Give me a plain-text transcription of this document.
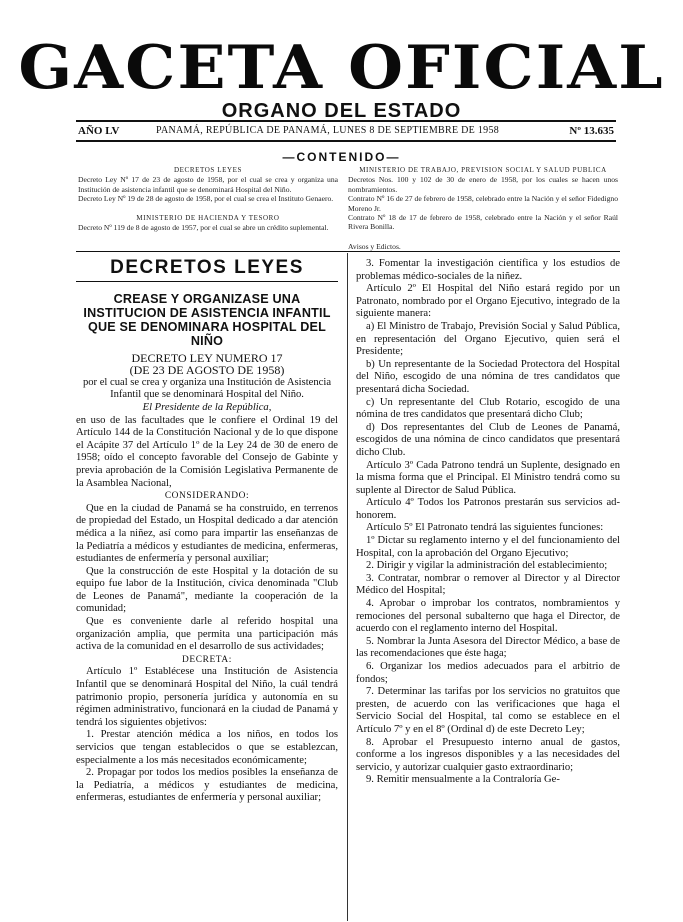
GACETA OFICIAL
ORGANO DEL ESTADO
AÑO LV	PANAMÁ, REPÚBLICA DE PANAMÁ, LUNES 8 DE SEPTIEMBRE DE 1958	Nº 13.635
—CONTENIDO—

DECRETOS LEYES

Decreto Ley Nº 17 de 23 de agosto de 1958, por el cual se crea y organiza una Institución de asistencia infantil que se denominará Hospital del Niño.

Decreto Ley Nº 19 de 28 de agosto de 1958, por el cual se crea el Instituto Genaero.

MINISTERIO DE HACIENDA Y TESORO

Decreto Nº 119 de 8 de agosto de 1957, por el cual se abre un crédito suplemental.

MINISTERIO DE TRABAJO, PREVISION SOCIAL Y SALUD PUBLICA

Decretos Nos. 100 y 102 de 30 de enero de 1958, por los cuales se hacen unos nombramientos.

Contrato Nº 16 de 27 de febrero de 1958, celebrado entre la Nación y el señor Fidedigno Moreno Jr.

Contrato Nº 18 de 17 de febrero de 1958, celebrado entre la Nación y el señor Raúl Rivera Bonilla.

Avisos y Edictos.

DECRETOS LEYES
CREASE Y ORGANIZASE UNA INSTITUCION DE ASISTENCIA INFANTIL QUE SE DENOMINARA HOSPITAL DEL NIÑO

DECRETO LEY NUMERO 17

(DE 23 DE AGOSTO DE 1958)

por el cual se crea y organiza una Institución de Asistencia Infantil que se denominará Hospital del Niño.

El Presidente de la República,

en uso de las facultades que le confiere el Ordinal 19 del Artículo 144 de la Constitución Nacional y de lo que dispone el Acápite 37 del Artículo 1º de la Ley 24 de 30 de enero de 1958; oído el concepto favorable del Consejo de Gabinte y previa aprobación de la Comisión Legislativa Permanente de la Asamblea Nacional,

CONSIDERANDO:

Que en la ciudad de Panamá se ha construido, en terrenos de propiedad del Estado, un Hospital dedicado a dar atención médica a la niñez, así como para impartir las enseñanzas de la Pediatría a médicos y estudiantes de medicina, enfermeras, estudiantes de enfermería y personal auxiliar;

Que la construcción de este Hospital y la dotación de su equipo fue labor de la Institución, cívica denominada "Club de Leones de Panamá", mediante la cooperación de la comunidad;

Que es conveniente darle al referido hospital una organización amplia, que permita una participación más activa de la comunidad en el desarrollo de sus actividades;

DECRETA:

Artículo 1º Establécese una Institución de Asistencia Infantil que se denominará Hospital del Niño, la cuál tendrá patrimonio propio, personería jurídica y autonomía en su régimen administrativo, funcionará en la ciudad de Panamá y tendrá los siguientes objetivos:

1. Prestar atención médica a los niños, en todos los servicios que tengan establecidos o que se establezcan, especialmente a los más necesitados económicamente;

2. Propagar por todos los medios posibles la enseñanza de la Pediatría, a médicos y estudiantes de medicina, enfermeras, estudiantes de enfermería y personal auxiliar;

3. Fomentar la investigación científica y los estudios de problemas médico-sociales de la niñez.

Artículo 2º El Hospital del Niño estará regido por un Patronato, nombrado por el Organo Ejecutivo, integrado de la siguiente manera:

a) El Ministro de Trabajo, Previsión Social y Salud Pública, en representación del Organo Ejecutivo, quien será el Presidente;

b) Un representante de la Sociedad Protectora del Hospital del Niño, escogido de una nómina de tres candidatos que presentará dicha Sociedad.

c) Un representante del Club Rotario, escogido de una nómina de tres candidatos que presentará dicho Club;

d) Dos representantes del Club de Leones de Panamá, escogidos de una nómina de cinco candidatos que presentará dicho Club.

Artículo 3º Cada Patrono tendrá un Suplente, designado en la misma forma que el Principal. El Ministro tendrá como su suplente al Director de Salud Pública.

Artículo 4º Todos los Patronos prestarán sus servicios ad-honorem.

Artículo 5º El Patronato tendrá las siguientes funciones:

1º Dictar su reglamento interno y el del funcionamiento del Hospital, con la aprobación del Organo Ejecutivo;

2. Dirigir y vigilar la administración del establecimiento;

3. Contratar, nombrar o remover al Director y al Director Médico del Hospital;

4. Aprobar o improbar los contratos, nombramientos y remociones del personal subalterno que haga el Director, de acuerdo con el reglamento interno del Hospital.

5. Nombrar la Junta Asesora del Director Médico, a base de las recomendaciones que éste haga;

6. Organizar los medios adecuados para el arbitrio de fondos;

7. Determinar las tarifas por los servicios no gratuitos que presten, de acuerdo con las verificaciones que haga el Servicio Social del Hospital, tal como se establece en el Artículo 7º y en el 8º (Ordinal d) de este Decreto Ley;

8. Aprobar el Presupuesto interno anual de gastos, conforme a los ingresos disponibles y a las necesidades del servicio, y autorizar cualquier gasto extraordinario;

9. Remitir mensualmente a la Contraloría Ge-
